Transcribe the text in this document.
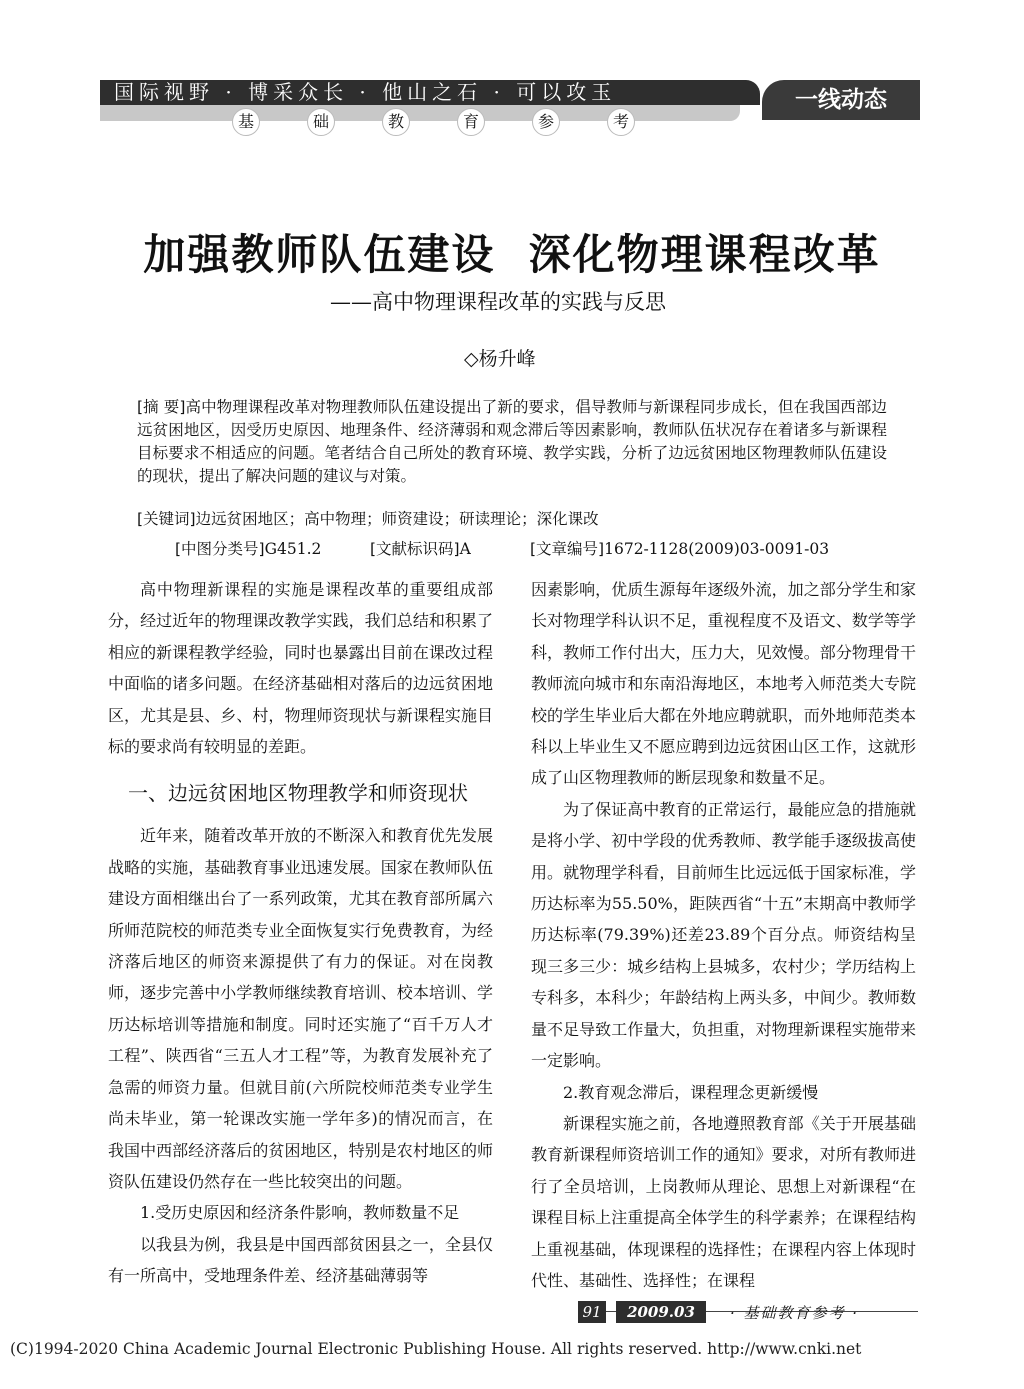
国际视野 · 博采众长 · 他山之石 · 可以攻玉	一线动态
基	础	教	育	参	考
加强教师队伍建设  深化物理课程改革
——高中物理课程改革的实践与反思
◇杨升峰
[摘 要]高中物理课程改革对物理教师队伍建设提出了新的要求，倡导教师与新课程同步成长，但在我国西部边远贫困地区，因受历史原因、地理条件、经济薄弱和观念滞后等因素影响，教师队伍状况存在着诸多与新课程目标要求不相适应的问题。笔者结合自己所处的教育环境、教学实践，分析了边远贫困地区物理教师队伍建设的现状，提出了解决问题的建议与对策。
[关键词]边远贫困地区；高中物理；师资建设；研读理论；深化课改
[中图分类号]G451.2	[文献标识码]A	[文章编号]1672-1128(2009)03-0091-03

高中物理新课程的实施是课程改革的重要组成部分，经过近年的物理课改教学实践，我们总结和积累了相应的新课程教学经验，同时也暴露出目前在课改过程中面临的诸多问题。在经济基础相对落后的边远贫困地区，尤其是县、乡、村，物理师资现状与新课程实施目标的要求尚有较明显的差距。

一、边远贫困地区物理教学和师资现状

近年来，随着改革开放的不断深入和教育优先发展战略的实施，基础教育事业迅速发展。国家在教师队伍建设方面相继出台了一系列政策，尤其在教育部所属六所师范院校的师范类专业全面恢复实行免费教育，为经济落后地区的师资来源提供了有力的保证。对在岗教师，逐步完善中小学教师继续教育培训、校本培训、学历达标培训等措施和制度。同时还实施了“百千万人才工程”、陕西省“三五人才工程”等，为教育发展补充了急需的师资力量。但就目前(六所院校师范类专业学生尚未毕业，第一轮课改实施一学年多)的情况而言，在我国中西部经济落后的贫困地区，特别是农村地区的师资队伍建设仍然存在一些比较突出的问题。

1.受历史原因和经济条件影响，教师数量不足

以我县为例，我县是中国西部贫困县之一，全县仅有一所高中，受地理条件差、经济基础薄弱等

因素影响，优质生源每年逐级外流，加之部分学生和家长对物理学科认识不足，重视程度不及语文、数学等学科，教师工作付出大，压力大，见效慢。部分物理骨干教师流向城市和东南沿海地区，本地考入师范类大专院校的学生毕业后大都在外地应聘就职，而外地师范类本科以上毕业生又不愿应聘到边远贫困山区工作，这就形成了山区物理教师的断层现象和数量不足。

为了保证高中教育的正常运行，最能应急的措施就是将小学、初中学段的优秀教师、教学能手逐级拔高使用。就物理学科看，目前师生比远远低于国家标准，学历达标率为55.50%，距陕西省“十五”末期高中教师学历达标率(79.39%)还差23.89个百分点。师资结构呈现三多三少：城乡结构上县城多，农村少；学历结构上专科多，本科少；年龄结构上两头多，中间少。教师数量不足导致工作量大，负担重，对物理新课程实施带来一定影响。

2.教育观念滞后，课程理念更新缓慢

新课程实施之前，各地遵照教育部《关于开展基础教育新课程师资培训工作的通知》要求，对所有教师进行了全员培训，上岗教师从理论、思想上对新课程“在课程目标上注重提高全体学生的科学素养；在课程结构上重视基础，体现课程的选择性；在课程内容上体现时代性、基础性、选择性；在课程

91	2009.03	· 基础教育参考 ·
(C)1994-2020 China Academic Journal Electronic Publishing House. All rights reserved. http://www.cnki.net
